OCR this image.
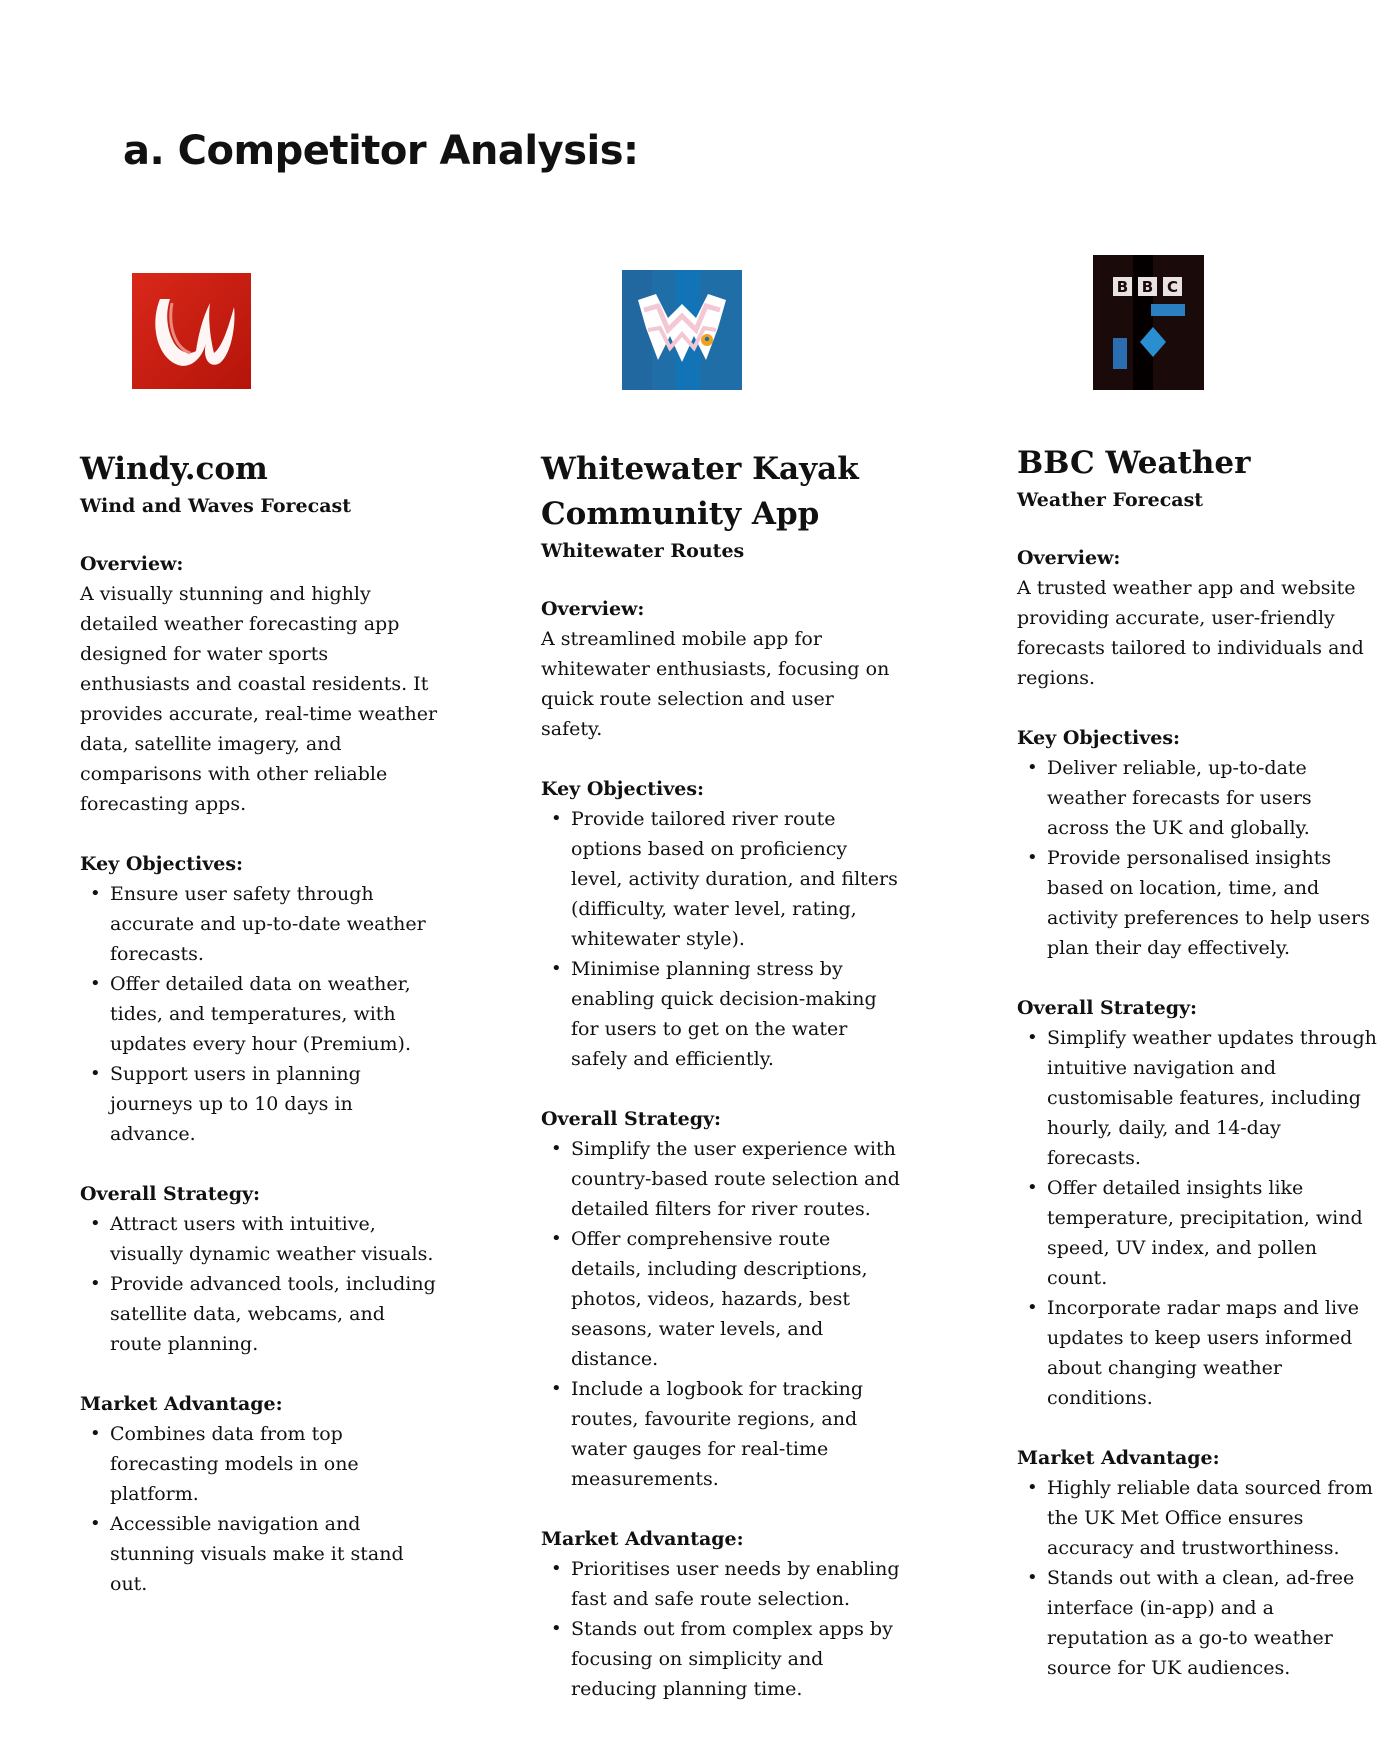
a. Competitor Analysis:
B B C
Windy.com

Wind and Waves Forecast

Overview:

A visually stunning and highly detailed weather forecasting app designed for water sports enthusiasts and coastal residents. It provides accurate, real-time weather data, satellite imagery, and comparisons with other reliable forecasting apps.

Key Objectives:

• Ensure user safety through accurate and up-to-date weather forecasts.
• Offer detailed data on weather, tides, and temperatures, with updates every hour (Premium).
• Support users in planning journeys up to 10 days in advance.

Overall Strategy:

• Attract users with intuitive, visually dynamic weather visuals.
• Provide advanced tools, including satellite data, webcams, and route planning.

Market Advantage:

• Combines data from top forecasting models in one platform.
• Accessible navigation and stunning visuals make it stand out.
Whitewater Kayak Community App

Whitewater Routes

Overview:

A streamlined mobile app for whitewater enthusiasts, focusing on quick route selection and user safety.

Key Objectives:

• Provide tailored river route options based on proficiency level, activity duration, and filters (difficulty, water level, rating, whitewater style).
• Minimise planning stress by enabling quick decision-making for users to get on the water safely and efficiently.

Overall Strategy:

• Simplify the user experience with country-based route selection and detailed filters for river routes.
• Offer comprehensive route details, including descriptions, photos, videos, hazards, best seasons, water levels, and distance.
• Include a logbook for tracking routes, favourite regions, and water gauges for real-time measurements.

Market Advantage:

• Prioritises user needs by enabling fast and safe route selection.
• Stands out from complex apps by focusing on simplicity and reducing planning time.
BBC Weather

Weather Forecast

Overview:

A trusted weather app and website providing accurate, user-friendly forecasts tailored to individuals and regions.

Key Objectives:

• Deliver reliable, up-to-date weather forecasts for users across the UK and globally.
• Provide personalised insights based on location, time, and activity preferences to help users plan their day effectively.

Overall Strategy:

• Simplify weather updates through intuitive navigation and customisable features, including hourly, daily, and 14-day forecasts.
• Offer detailed insights like temperature, precipitation, wind speed, UV index, and pollen count.
• Incorporate radar maps and live updates to keep users informed about changing weather conditions.

Market Advantage:

• Highly reliable data sourced from the UK Met Office ensures accuracy and trustworthiness.
• Stands out with a clean, ad-free interface (in-app) and a reputation as a go-to weather source for UK audiences.
